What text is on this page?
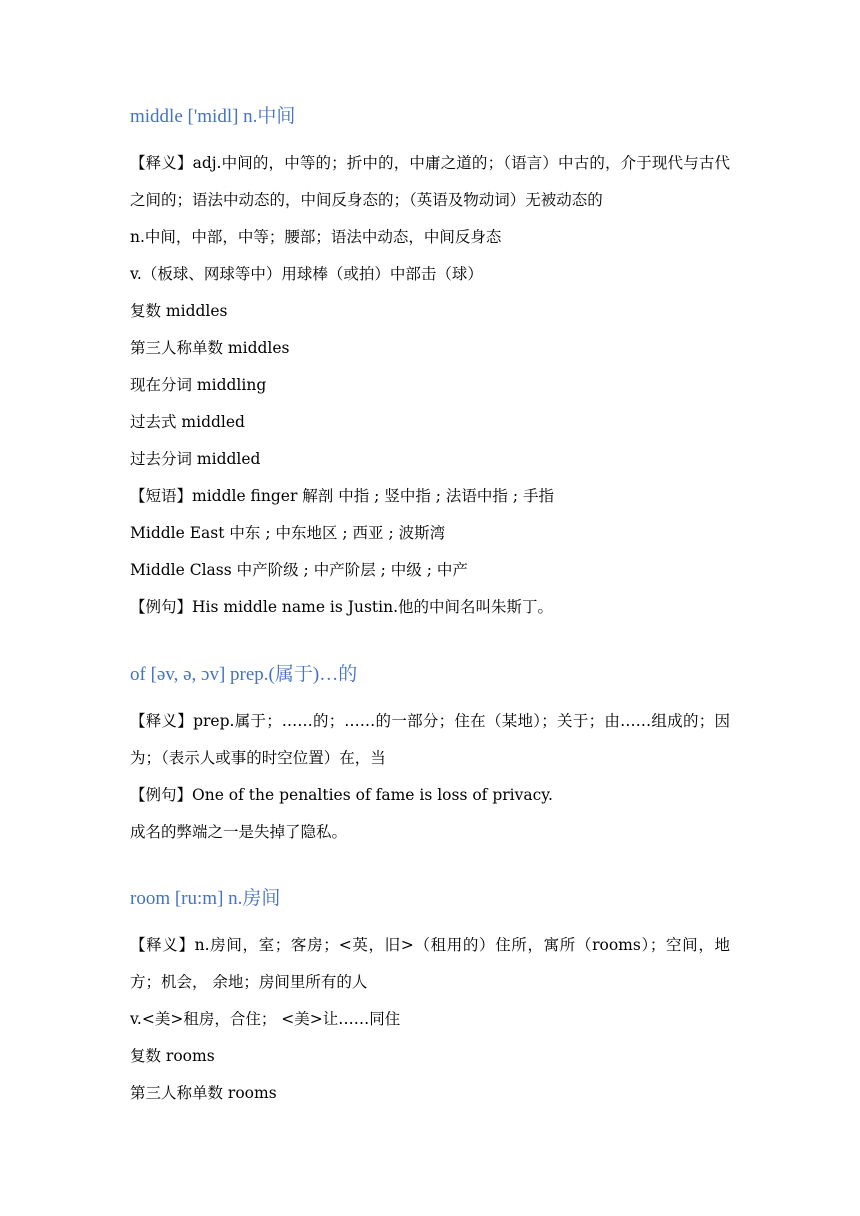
middle ['midl] n.中间

【释义】adj.中间的，中等的；折中的，中庸之道的；（语言）中古的，介于现代与古代之间的；语法中动态的，中间反身态的；（英语及物动词）无被动态的

n.中间，中部，中等；腰部；语法中动态，中间反身态

v.（板球、网球等中）用球棒（或拍）中部击（球）

复数 middles

第三人称单数 middles

现在分词 middling

过去式 middled

过去分词 middled

【短语】middle finger 解剖 中指 ; 竖中指 ; 法语中指 ; 手指

Middle East 中东 ; 中东地区 ; 西亚 ; 波斯湾

Middle Class 中产阶级 ; 中产阶层 ; 中级 ; 中产

【例句】His middle name is Justin.他的中间名叫朱斯丁。

of [əv, ə, ɔv] prep.(属于)…的

【释义】prep.属于；……的；……的一部分；住在（某地）；关于；由……组成的；因为；（表示人或事的时空位置）在，当

【例句】One of the penalties of fame is loss of privacy.

成名的弊端之一是失掉了隐私。

room [ru:m] n.房间

【释义】n.房间，室；客房；<英，旧>（租用的）住所，寓所（rooms）；空间，地方；机会， 余地；房间里所有的人

v.<美>租房，合住； <美>让……同住

复数 rooms

第三人称单数 rooms
